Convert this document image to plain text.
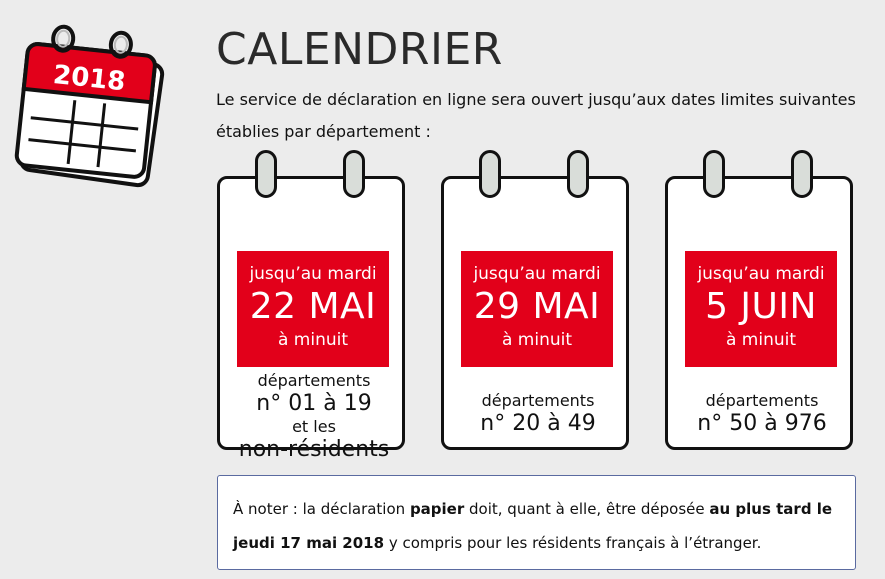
2018
CALENDRIER
Le service de déclaration en ligne sera ouvert jusqu’aux dates limites suivantes établies par département :
jusqu’au mardi
22 MAI
à minuit
départements
n° 01 à 19
et les
non-résidents
jusqu’au mardi
29 MAI
à minuit
départements
n° 20 à 49
jusqu’au mardi
5 JUIN
à minuit
départements
n° 50 à 976
À noter : la déclaration papier doit, quant à elle, être déposée au plus tard le jeudi 17 mai 2018 y compris pour les résidents français à l’étranger.
